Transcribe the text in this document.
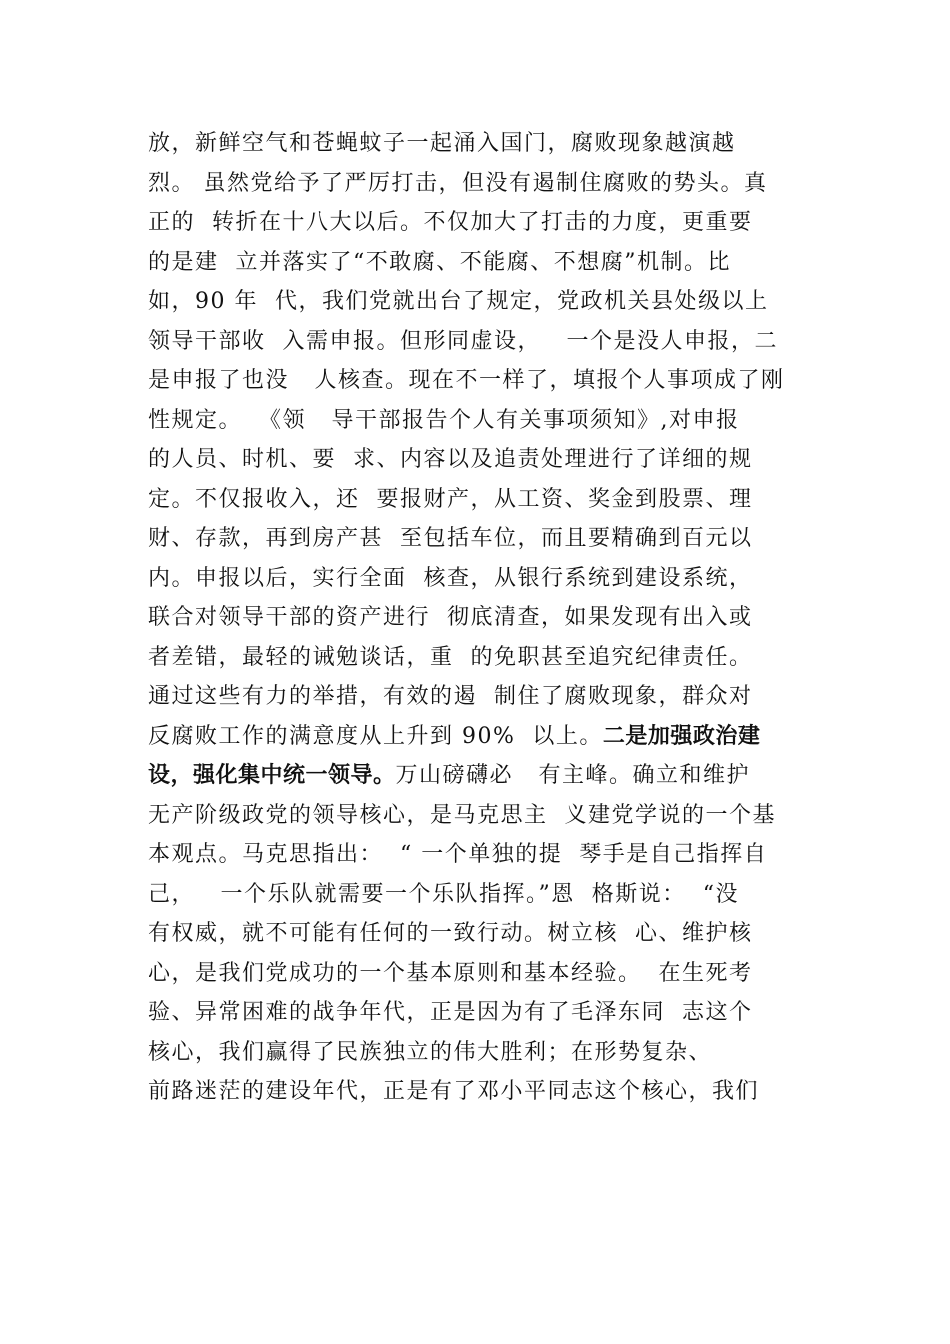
放，新鲜空气和苍蝇蚊子一起涌入国门，腐败现象越演越
烈。 虽然党给予了严厉打击，但没有遏制住腐败的势头。真
正的  转折在十八大以后。不仅加大了打击的力度，更重要
的是建  立并落实了“不敢腐、不能腐、不想腐”机制。比
如，90 年  代，我们党就出台了规定，党政机关县处级以上
领导干部收  入需申报。但形同虚设，   一个是没人申报，二
是申报了也没   人核查。现在不一样了，填报个人事项成了刚
性规定。  《领   导干部报告个人有关事项须知》,对申报
的人员、时机、要  求、内容以及追责处理进行了详细的规
定。不仅报收入，还  要报财产，从工资、奖金到股票、理
财、存款，再到房产甚  至包括车位，而且要精确到百元以
内。申报以后，实行全面  核查，从银行系统到建设系统，
联合对领导干部的资产进行  彻底清查，如果发现有出入或
者差错，最轻的诫勉谈话，重  的免职甚至追究纪律责任。
通过这些有力的举措，有效的遏  制住了腐败现象，群众对
反腐败工作的满意度从上升到 90%  以上。二是加强政治建
设，强化集中统一领导。万山磅礴必   有主峰。确立和维护
无产阶级政党的领导核心，是马克思主  义建党学说的一个基
本观点。马克思指出：  “ 一个单独的提  琴手是自己指挥自
己，   一个乐队就需要一个乐队指挥。”恩  格斯说：  “没
有权威，就不可能有任何的一致行动。树立核  心、维护核
心，是我们党成功的一个基本原则和基本经验。  在生死考
验、异常困难的战争年代，正是因为有了毛泽东同  志这个
核心，我们赢得了民族独立的伟大胜利；在形势复杂、
前路迷茫的建设年代，正是有了邓小平同志这个核心，我们
